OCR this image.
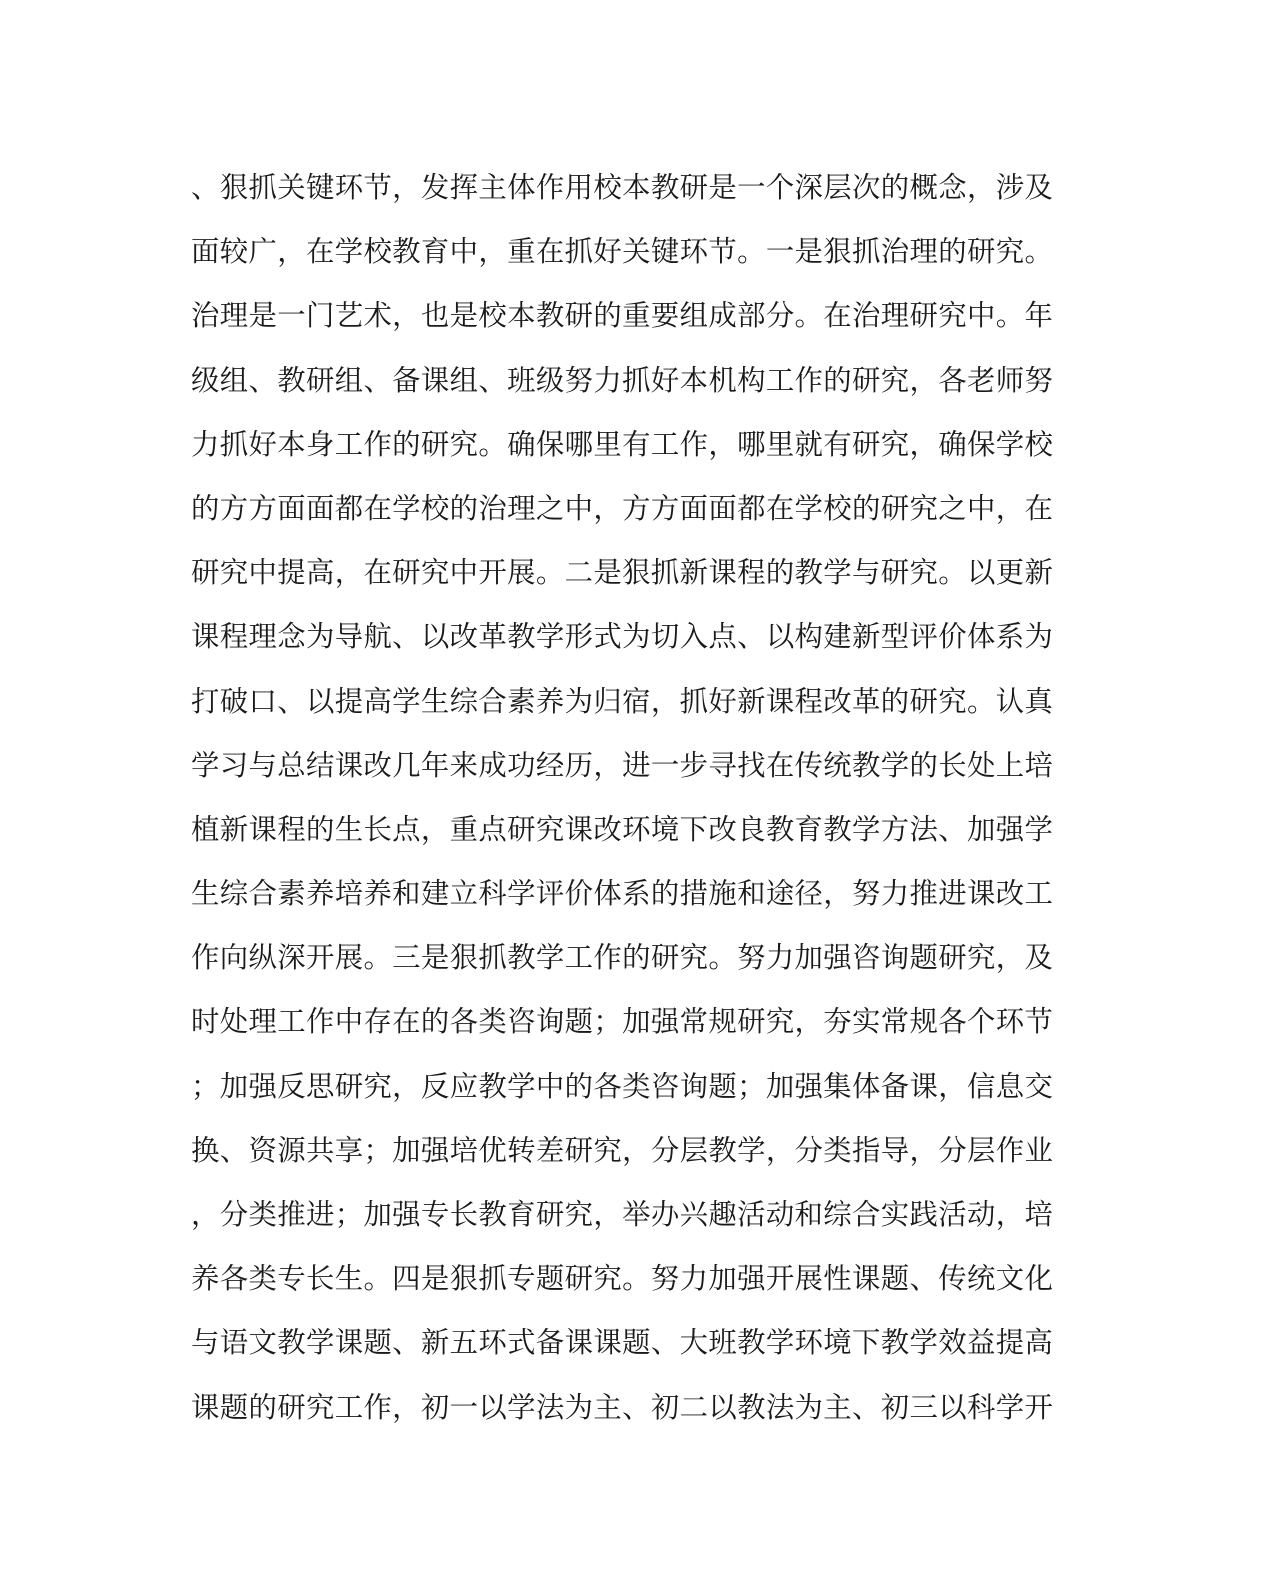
、狠抓关键环节，发挥主体作用校本教研是一个深层次的概念，涉及
面较广，在学校教育中，重在抓好关键环节。一是狠抓治理的研究。
治理是一门艺术，也是校本教研的重要组成部分。在治理研究中。年
级组、教研组、备课组、班级努力抓好本机构工作的研究，各老师努
力抓好本身工作的研究。确保哪里有工作，哪里就有研究，确保学校
的方方面面都在学校的治理之中，方方面面都在学校的研究之中，在
研究中提高，在研究中开展。二是狠抓新课程的教学与研究。以更新
课程理念为导航、以改革教学形式为切入点、以构建新型评价体系为
打破口、以提高学生综合素养为归宿，抓好新课程改革的研究。认真
学习与总结课改几年来成功经历，进一步寻找在传统教学的长处上培
植新课程的生长点，重点研究课改环境下改良教育教学方法、加强学
生综合素养培养和建立科学评价体系的措施和途径，努力推进课改工
作向纵深开展。三是狠抓教学工作的研究。努力加强咨询题研究，及
时处理工作中存在的各类咨询题；加强常规研究，夯实常规各个环节
；加强反思研究，反应教学中的各类咨询题；加强集体备课，信息交
换、资源共享；加强培优转差研究，分层教学，分类指导，分层作业
，分类推进；加强专长教育研究，举办兴趣活动和综合实践活动，培
养各类专长生。四是狠抓专题研究。努力加强开展性课题、传统文化
与语文教学课题、新五环式备课课题、大班教学环境下教学效益提高
课题的研究工作，初一以学法为主、初二以教法为主、初三以科学开
